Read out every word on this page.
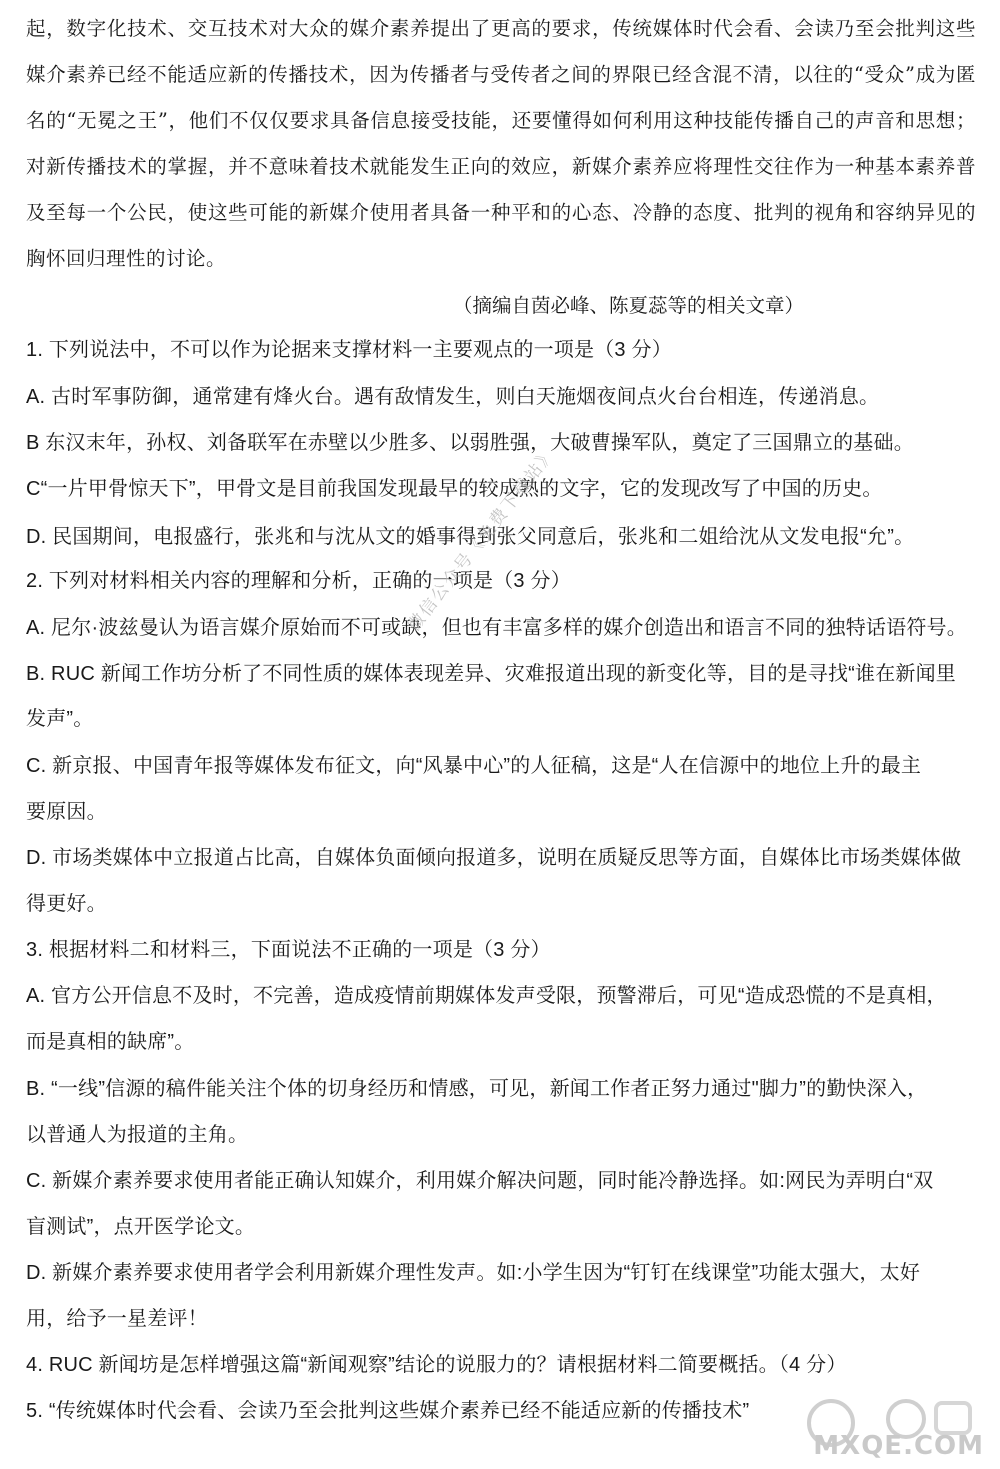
起，数字化技术、交互技术对大众的媒介素养提出了更高的要求，传统媒体时代会看、会读乃至会批判这些媒介素养已经不能适应新的传播技术，因为传播者与受传者之间的界限已经含混不清，以往的“受众”成为匿名的“无冕之王”，他们不仅仅要求具备信息接受技能，还要懂得如何利用这种技能传播自己的声音和思想；对新传播技术的掌握，并不意味着技术就能发生正向的效应，新媒介素养应将理性交往作为一种基本素养普及至每一个公民，使这些可能的新媒介使用者具备一种平和的心态、冷静的态度、批判的视角和容纳异见的胸怀回归理性的讨论。

（摘编自茵必峰、陈夏蕊等的相关文章）

1. 下列说法中，不可以作为论据来支撑材料一主要观点的一项是（3 分）

A. 古时军事防御，通常建有烽火台。遇有敌情发生，则白天施烟夜间点火台台相连，传递消息。

B 东汉末年，孙权、刘备联军在赤壁以少胜多、以弱胜强，大破曹操军队，奠定了三国鼎立的基础。

C“一片甲骨惊天下”，甲骨文是目前我国发现最早的较成熟的文字，它的发现改写了中国的历史。

D. 民国期间，电报盛行，张兆和与沈从文的婚事得到张父同意后，张兆和二姐给沈从文发电报“允”。

2. 下列对材料相关内容的理解和分析，正确的一项是（3 分）

A. 尼尔·波兹曼认为语言媒介原始而不可或缺，但也有丰富多样的媒介创造出和语言不同的独特话语符号。

B. RUC 新闻工作坊分析了不同性质的媒体表现差异、灾难报道出现的新变化等，目的是寻找“谁在新闻里

发声”。

C. 新京报、中国青年报等媒体发布征文，向“风暴中心”的人征稿，这是“人在信源中的地位上升的最主

要原因。

D. 市场类媒体中立报道占比高，自媒体负面倾向报道多，说明在质疑反思等方面，自媒体比市场类媒体做

得更好。

3. 根据材料二和材料三，下面说法不正确的一项是（3 分）

A. 官方公开信息不及时，不完善，造成疫情前期媒体发声受限，预警滞后，可见“造成恐慌的不是真相，

而是真相的缺席”。

B. “一线”信源的稿件能关注个体的切身经历和情感，可见，新闻工作者正努力通过"脚力”的勤快深入，

以普通人为报道的主角。

C. 新媒介素养要求使用者能正确认知媒介，利用媒介解决问题，同时能冷静选择。如:网民为弄明白“双

盲测试”，点开医学论文。

D. 新媒介素养要求使用者学会利用新媒介理性发声。如:小学生因为“钉钉在线课堂”功能太强大，太好

用，给予一星差评！

4. RUC 新闻坊是怎样增强这篇“新闻观察”结论的说服力的？请根据材料二简要概括。（4 分）

5. “传统媒体时代会看、会读乃至会批判这些媒介素养已经不能适应新的传播技术”

微信公众号《免费下载站》
MXQE.COM
